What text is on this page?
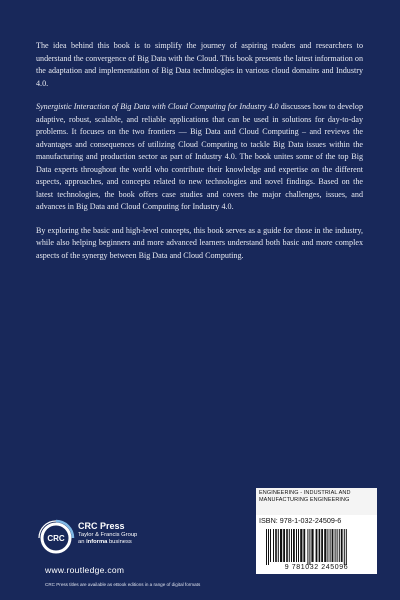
The idea behind this book is to simplify the journey of aspiring readers and researchers to understand the convergence of Big Data with the Cloud. This book presents the latest information on the adaptation and implementation of Big Data technologies in various cloud domains and Industry 4.0.

Synergistic Interaction of Big Data with Cloud Computing for Industry 4.0 discusses how to develop adaptive, robust, scalable, and reliable applications that can be used in solutions for day-to-day problems. It focuses on the two frontiers — Big Data and Cloud Computing – and reviews the advantages and consequences of utilizing Cloud Computing to tackle Big Data issues within the manufacturing and production sector as part of Industry 4.0. The book unites some of the top Big Data experts throughout the world who contribute their knowledge and expertise on the different aspects, approaches, and concepts related to new technologies and novel findings. Based on the latest technologies, the book offers case studies and covers the major challenges, issues, and advances in Big Data and Cloud Computing for Industry 4.0.

By exploring the basic and high-level concepts, this book serves as a guide for those in the industry, while also helping beginners and more advanced learners understand both basic and more complex aspects of the synergy between Big Data and Cloud Computing.

ENGINEERING - INDUSTRIAL AND
MANUFACTURING ENGINEERING
ISBN: 978-1-032-24509-6
9 781032 245096
CRC
CRC Press
Taylor & Francis Group
an informa business
www.routledge.com
CRC Press titles are available as eBook editions in a range of digital formats
